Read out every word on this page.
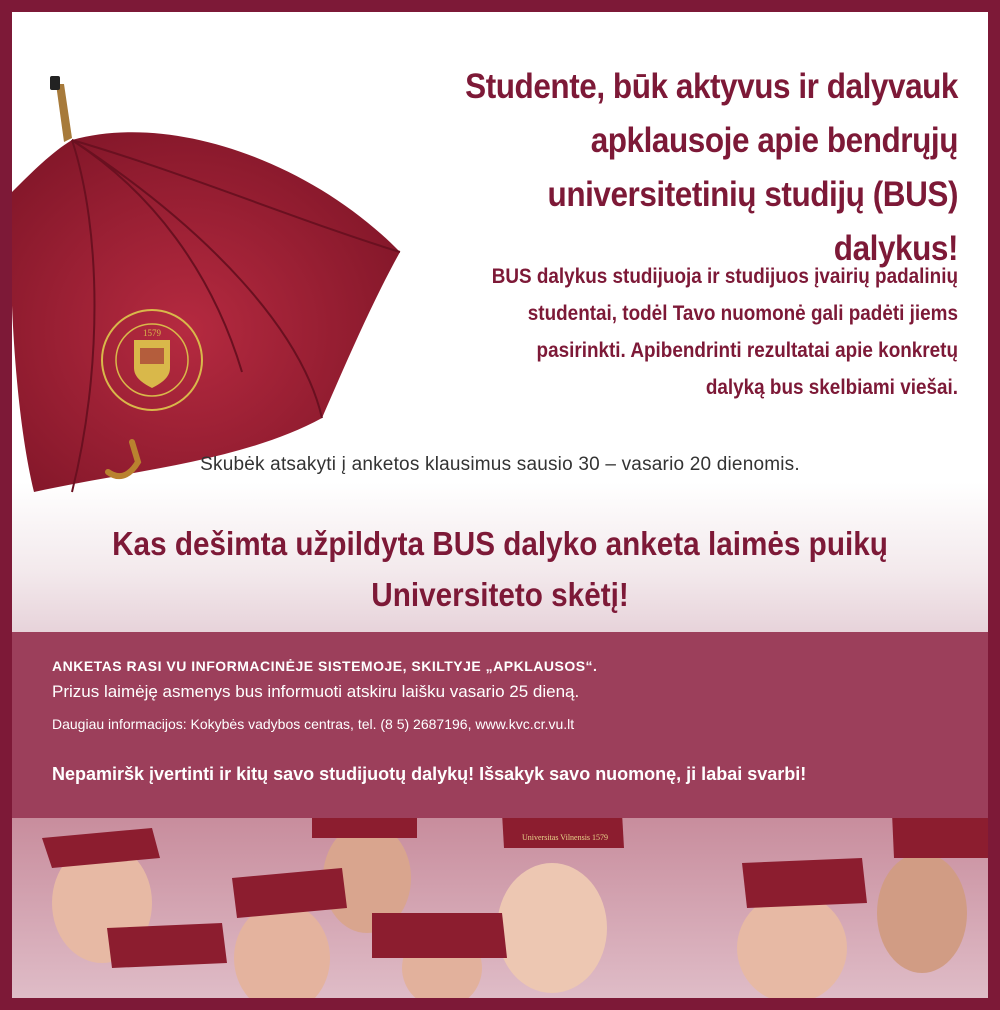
1579

Studente, būk aktyvus ir dalyvauk
apklausoje apie bendrųjų
universitetinių studijų (BUS) dalykus!

BUS dalykus studijuoja ir studijuos įvairių padalinių
studentai, todėl Tavo nuomonė gali padėti jiems
pasirinkti. Apibendrinti rezultatai apie konkretų
dalyką bus skelbiami viešai.

Skubėk atsakyti į anketos klausimus sausio 30 – vasario 20 dienomis.

Kas dešimta užpildyta BUS dalyko anketa laimės puikų
Universiteto skėtį!

ANKETAS RASI VU INFORMACINĖJE SISTEMOJE, SKILTYJE „APKLAUSOS“.

Prizus laimėję asmenys bus informuoti atskiru laišku vasario 25 dieną.

Daugiau informacijos: Kokybės vadybos centras, tel. (8 5) 2687196, www.kvc.cr.vu.lt

Nepamiršk įvertinti ir kitų savo studijuotų dalykų! Išsakyk savo nuomonę, ji labai svarbi!

Universitas Vilnensis 1579
